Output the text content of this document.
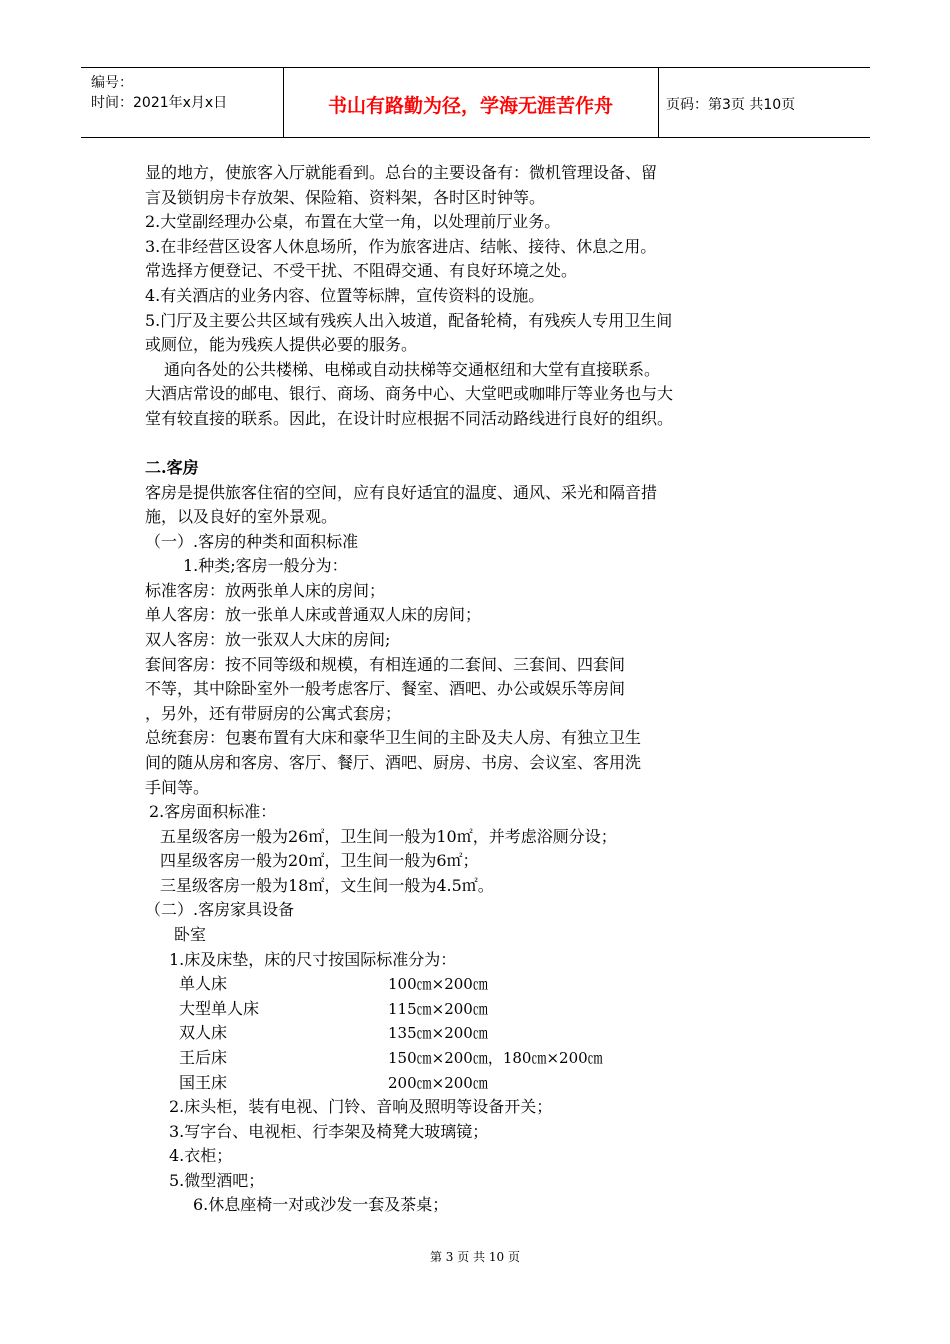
编号：
时间：2021年x月x日	书山有路勤为径，学海无涯苦作舟	页码：第3页 共10页
显的地方，使旅客入厅就能看到。总台的主要设备有：微机管理设备、留
言及锁钥房卡存放架、保险箱、资料架，各时区时钟等。
2.大堂副经理办公桌，布置在大堂一角，以处理前厅业务。
3.在非经营区设客人休息场所，作为旅客进店、结帐、接待、休息之用。
常选择方便登记、不受干扰、不阻碍交通、有良好环境之处。
4.有关酒店的业务内容、位置等标牌，宣传资料的设施。
5.门厅及主要公共区域有残疾人出入坡道，配备轮椅，有残疾人专用卫生间
或厕位，能为残疾人提供必要的服务。
通向各处的公共楼梯、电梯或自动扶梯等交通枢纽和大堂有直接联系。
大酒店常设的邮电、银行、商场、商务中心、大堂吧或咖啡厅等业务也与大
堂有较直接的联系。因此，在设计时应根据不同活动路线进行良好的组织。
二.客房
客房是提供旅客住宿的空间，应有良好适宜的温度、通风、采光和隔音措
施，以及良好的室外景观。
（一）.客房的种类和面积标准
1.种类;客房一般分为：
标准客房：放两张单人床的房间；
单人客房：放一张单人床或普通双人床的房间；
双人客房：放一张双人大床的房间;
套间客房：按不同等级和规模，有相连通的二套间、三套间、四套间
不等，其中除卧室外一般考虑客厅、餐室、酒吧、办公或娱乐等房间
，另外，还有带厨房的公寓式套房；
总统套房：包裹布置有大床和豪华卫生间的主卧及夫人房、有独立卫生
间的随从房和客房、客厅、餐厅、酒吧、厨房、书房、会议室、客用洗
手间等。
2.客房面积标准：
五星级客房一般为26㎡，卫生间一般为10㎡，并考虑浴厕分设；
四星级客房一般为20㎡，卫生间一般为6㎡；
三星级客房一般为18㎡，文生间一般为4.5㎡。
（二）.客房家具设备
卧室
1.床及床垫，床的尺寸按国际标准分为：
单人床	100㎝×200㎝
大型单人床	115㎝×200㎝
双人床	135㎝×200㎝
王后床	150㎝×200㎝，180㎝×200㎝
国王床	200㎝×200㎝
2.床头柜，装有电视、门铃、音响及照明等设备开关；
3.写字台、电视柜、行李架及椅凳大玻璃镜；
4.衣柜；
5.微型酒吧；
6.休息座椅一对或沙发一套及茶桌；
第 3 页 共 10 页
